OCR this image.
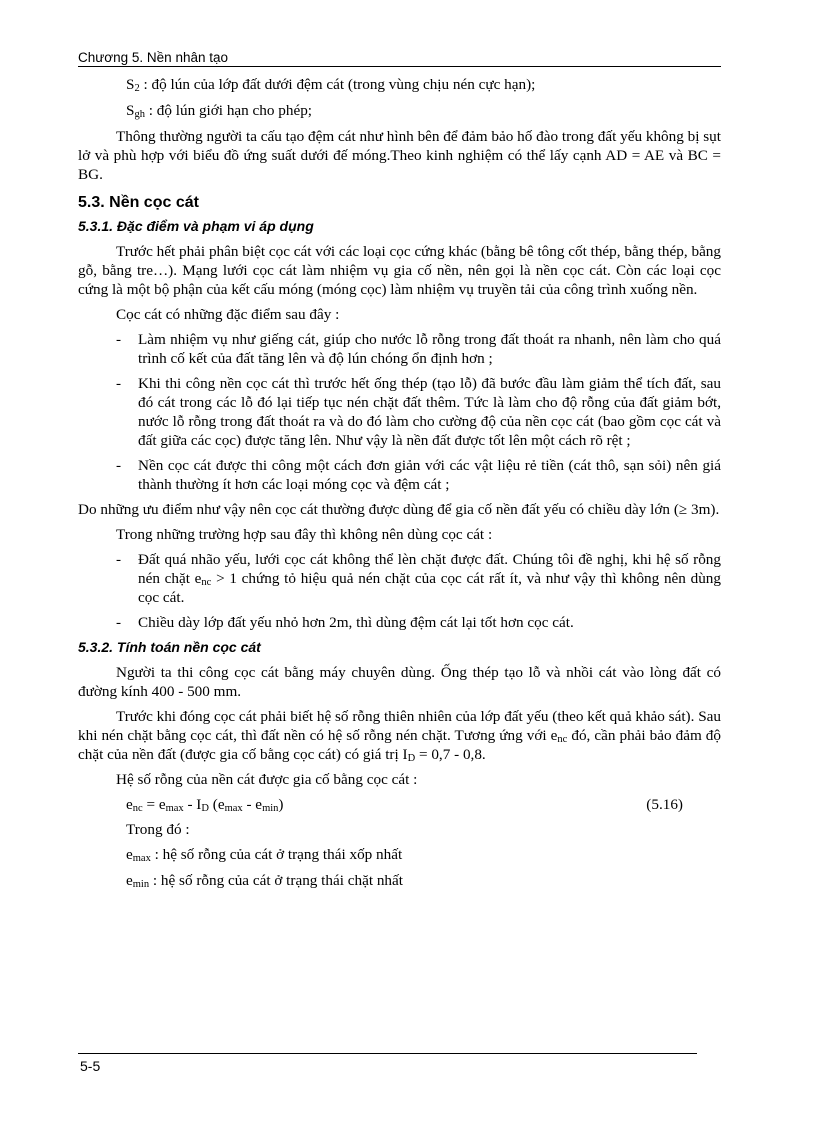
Chương 5. Nền nhân tạo

S2 : độ lún của lớp đất dưới đệm cát (trong vùng chịu nén cực hạn);

Sgh : độ lún giới hạn cho phép;

Thông thường người ta cấu tạo đệm cát như hình bên để đảm bảo hố đào trong đất yếu không bị sụt lở và phù hợp với biểu đồ ứng suất dưới đế móng.Theo kinh nghiệm có thể lấy cạnh AD = AE và BC = BG.

5.3. Nền cọc cát
5.3.1. Đặc điểm và phạm vi áp dụng

Trước hết phải phân biệt cọc cát với các loại cọc cứng khác (bằng bê tông cốt thép, bằng thép, bằng gỗ, bằng tre…). Mạng lưới cọc cát làm nhiệm vụ gia cố nền, nên gọi là nền cọc cát. Còn các loại cọc cứng là một bộ phận của kết cấu móng (móng cọc) làm nhiệm vụ truyền tải của công trình xuống nền.

Cọc cát có những đặc điểm sau đây :

- Làm nhiệm vụ như giếng cát, giúp cho nước lỗ rỗng trong đất thoát ra nhanh, nên làm cho quá trình cố kết của đất tăng lên và độ lún chóng ổn định hơn ;
- Khi thi công nền cọc cát thì trước hết ống thép (tạo lỗ) đã bước đầu làm giảm thể tích đất, sau đó cát trong các lỗ đó lại tiếp tục nén chặt đất thêm. Tức là làm cho độ rỗng của đất giảm bớt, nước lỗ rỗng trong đất thoát ra và do đó làm cho cường độ của nền cọc cát (bao gồm cọc cát và đất giữa các cọc) được tăng lên. Như vậy là nền đất được tốt lên một cách rõ rệt ;
- Nền cọc cát được thi công một cách đơn giản với các vật liệu rẻ tiền (cát thô, sạn sỏi) nên giá thành thường ít hơn các loại móng cọc và đệm cát ;

Do những ưu điểm như vậy nên cọc cát thường được dùng để gia cố nền đất yếu có chiều dày lớn (≥ 3m).

Trong những trường hợp sau đây thì không nên dùng cọc cát :

- Đất quá nhão yếu, lưới cọc cát không thể lèn chặt được đất. Chúng tôi đề nghị, khi hệ số rỗng nén chặt enc > 1 chứng tỏ hiệu quả nén chặt của cọc cát rất ít, và như vậy thì không nên dùng cọc cát.
- Chiều dày lớp đất yếu nhỏ hơn 2m, thì dùng đệm cát lại tốt hơn cọc cát.
5.3.2. Tính toán nền cọc cát

Người ta thi công cọc cát bằng máy chuyên dùng. Ống thép tạo lỗ và nhồi cát vào lòng đất có đường kính 400 - 500 mm.

Trước khi đóng cọc cát phải biết hệ số rỗng thiên nhiên của lớp đất yếu (theo kết quả khảo sát). Sau khi nén chặt bằng cọc cát, thì đất nền có hệ số rỗng nén chặt. Tương ứng với enc đó, cần phải bảo đảm độ chặt của nền đất (được gia cố bằng cọc cát) có giá trị ID = 0,7 - 0,8.

Hệ số rỗng của nền cát được gia cố bằng cọc cát :

enc = emax - ID (emax - emin)	(5.16)

Trong đó :

emax : hệ số rỗng của cát ở trạng thái xốp nhất

emin : hệ số rỗng của cát ở trạng thái chặt nhất

5-5
